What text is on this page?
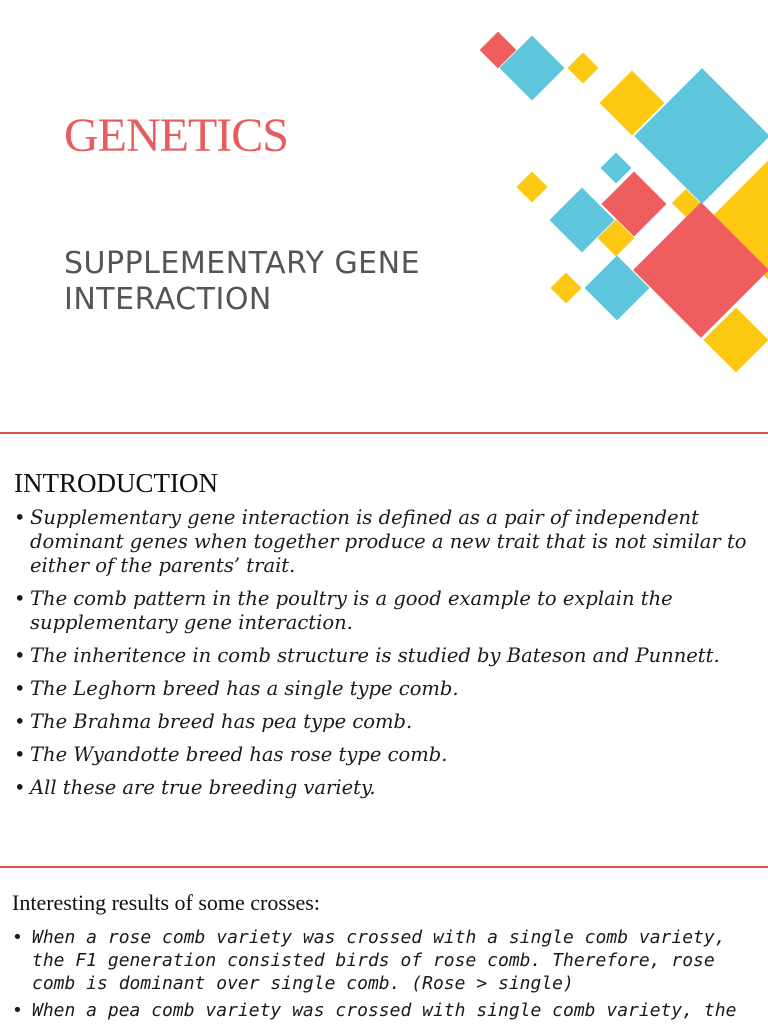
GENETICS
SUPPLEMENTARY GENE INTERACTION
INTRODUCTION
• Supplementary gene interaction is defined as a pair of independent dominant genes when together produce a new trait that is not similar to either of the parents’ trait.
• The comb pattern in the poultry is a good example to explain the supplementary gene interaction.
• The inheritence in comb structure is studied by Bateson and Punnett.
• The Leghorn breed has a single type comb.
• The Brahma breed has pea type comb.
• The Wyandotte breed has rose type comb.
• All these are true breeding variety.
Interesting results of some crosses:
• When a rose comb variety was crossed with a single comb variety, the F1 generation consisted birds of rose comb. Therefore, rose comb is dominant over single comb. (Rose > single)
• When a pea comb variety was crossed with single comb variety, the
